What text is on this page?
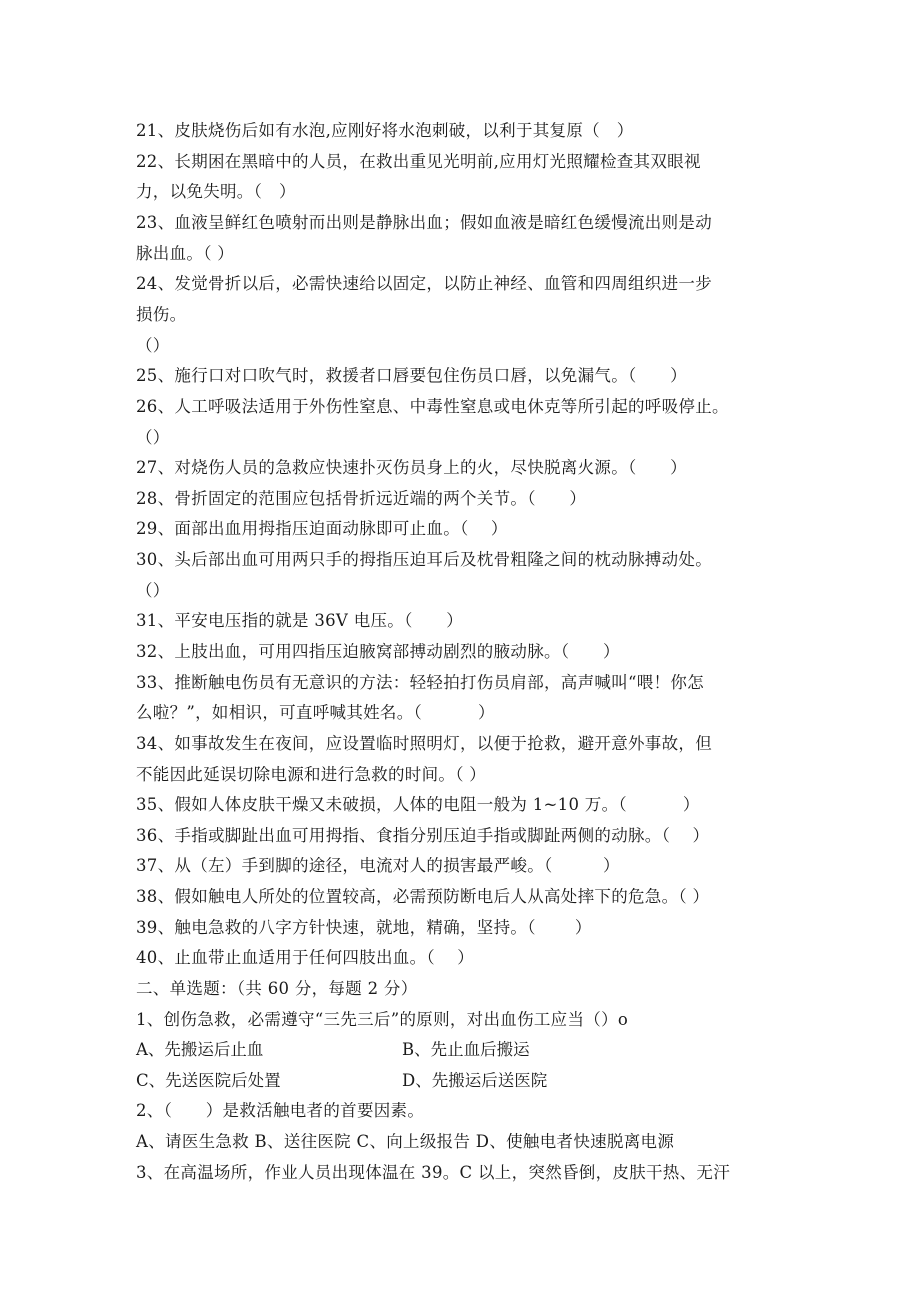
21、皮肤烧伤后如有水泡,应刚好将水泡刺破，以利于其复原（　）
22、长期困在黑暗中的人员，在救出重见光明前,应用灯光照耀检查其双眼视
力，以免失明。（　）
23、血液呈鲜红色喷射而出则是静脉出血；假如血液是暗红色缓慢流出则是动
脉出血。（ ）
24、发觉骨折以后，必需快速给以固定，以防止神经、血管和四周组织进一步
损伤。
（）
25、施行口对口吹气时，救援者口唇要包住伤员口唇，以免漏气。（　　）
26、人工呼吸法适用于外伤性窒息、中毒性窒息或电休克等所引起的呼吸停止。
（）
27、对烧伤人员的急救应快速扑灭伤员身上的火，尽快脱离火源。（　　）
28、骨折固定的范围应包括骨折远近端的两个关节。（　　）
29、面部出血用拇指压迫面动脉即可止血。（　 ）
30、头后部出血可用两只手的拇指压迫耳后及枕骨粗隆之间的枕动脉搏动处。
（）
31、平安电压指的就是 36V 电压。（　　）
32、上肢出血，可用四指压迫腋窝部搏动剧烈的腋动脉。（　　）
33、推断触电伤员有无意识的方法：轻轻拍打伤员肩部，高声喊叫“喂！你怎
么啦？”，如相识，可直呼喊其姓名。（　　　 ）
34、如事故发生在夜间，应设置临时照明灯，以便于抢救，避开意外事故，但
不能因此延误切除电源和进行急救的时间。（ ）
35、假如人体皮肤干燥又未破损，人体的电阻一般为 1~10 万。（　　　 ）
36、手指或脚趾出血可用拇指、食指分别压迫手指或脚趾两侧的动脉。（　 ）
37、从（左）手到脚的途径，电流对人的损害最严峻。（　　　）
38、假如触电人所处的位置较高，必需预防断电后人从高处摔下的危急。（ ）
39、触电急救的八字方针快速，就地，精确，坚持。（　　 ）
40、止血带止血适用于任何四肢出血。（　 ）
二、单选题：（共 60 分，每题 2 分）
1、创伤急救，必需遵守“三先三后”的原则，对出血伤工应当（）o
A、先搬运后止血	B、先止血后搬运
C、先送医院后处置	D、先搬运后送医院
2、（　　）是救活触电者的首要因素。
A、请医生急救 B、送往医院 C、向上级报告 D、使触电者快速脱离电源
3、在高温场所，作业人员出现体温在 39。C 以上，突然昏倒，皮肤干热、无汗
